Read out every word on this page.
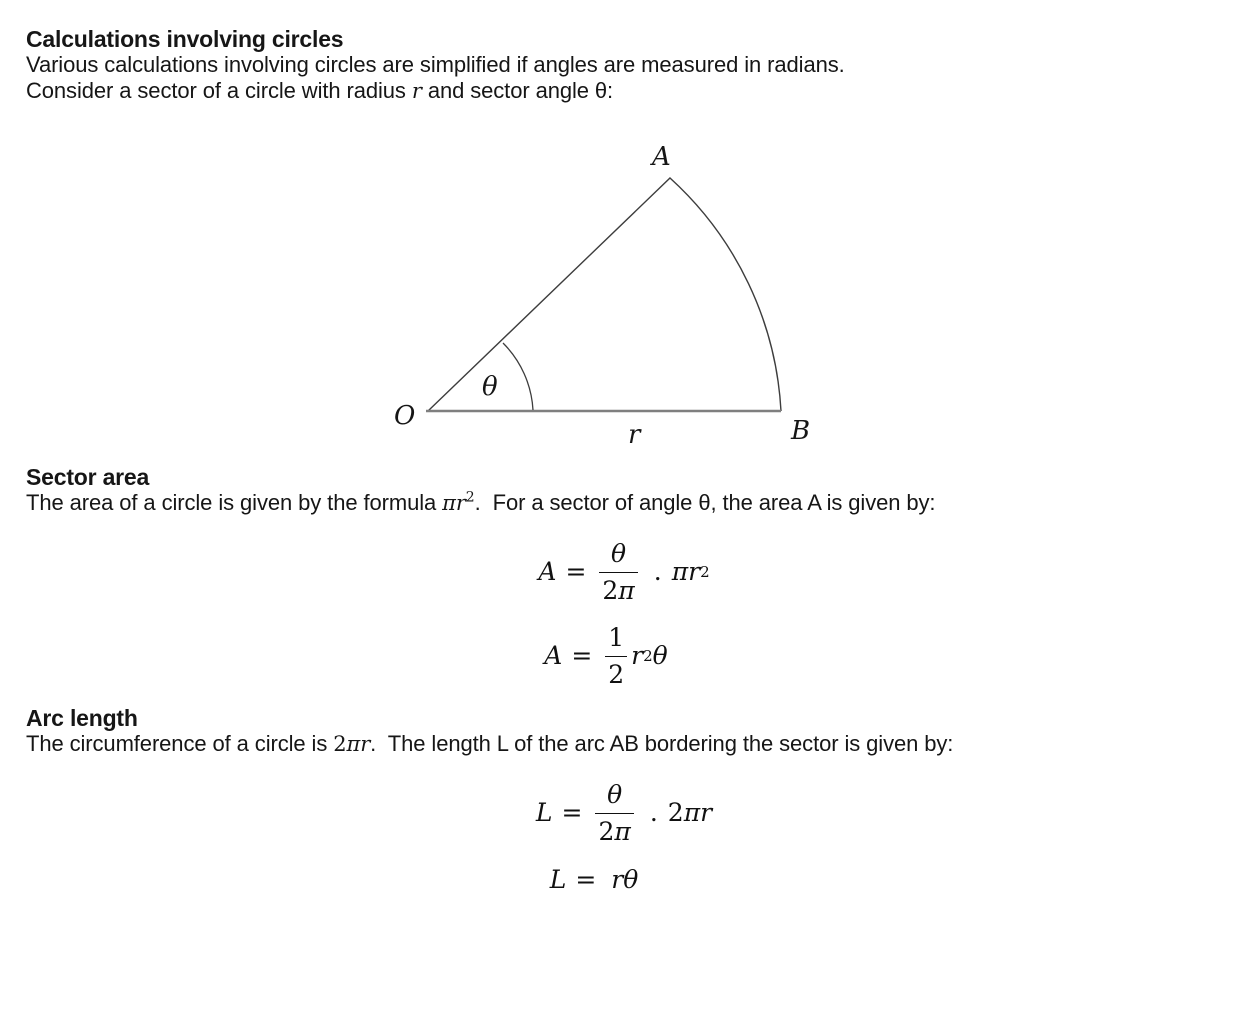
Calculations involving circles

Various calculations involving circles are simplified if angles are measured in radians.

Consider a sector of a circle with radius r and sector angle θ:

O
A
B
θ
r
Sector area

The area of a circle is given by the formula $\pi r^2$.  For a sector of angle θ, the area A is given by:

$A = \frac{\theta}{2\pi}$ . π r 2
$A = \frac{1}{2}$ r 2 θ
Arc length

The circumference of a circle is 2πr.  The length L of the arc AB bordering the sector is given by:

$L = \frac{\theta}{2\pi}$ . 2 π r
L = r θ
